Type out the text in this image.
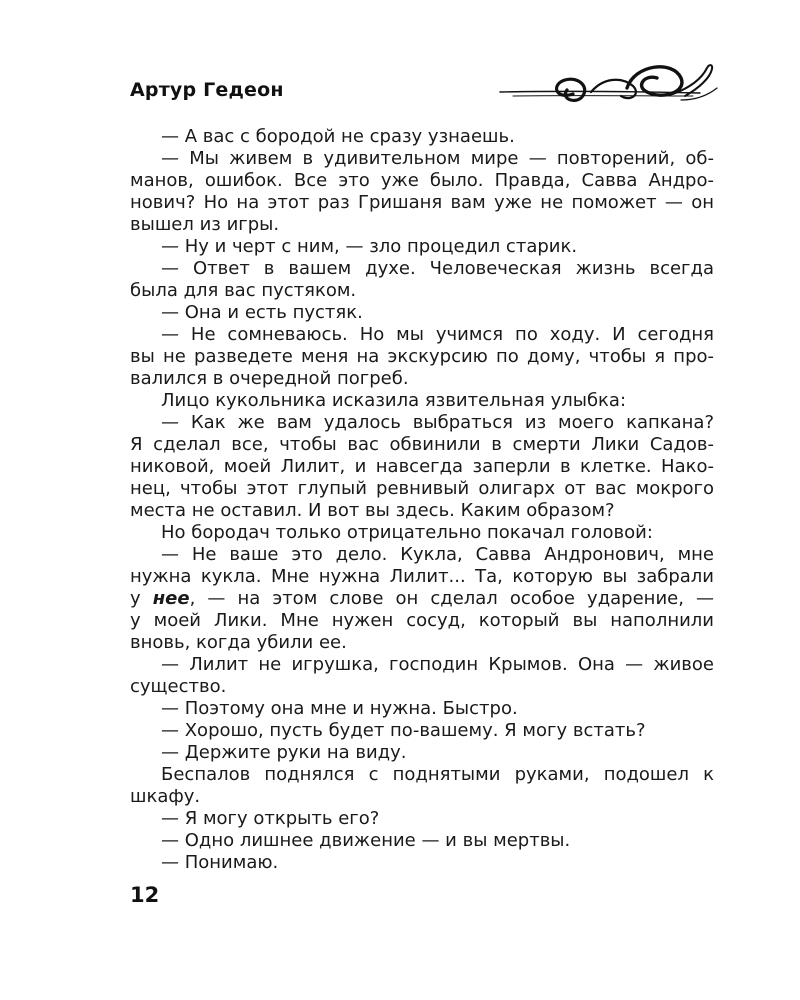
Артур Гедеон

— А вас с бородой не сразу узнаешь.

— Мы живем в удивительном мире — повторений, об-

манов, ошибок. Все это уже было. Правда, Савва Андро-

нович? Но на этот раз Гришаня вам уже не поможет — он

вышел из игры.

— Ну и черт с ним, — зло процедил старик.

— Ответ в вашем духе. Человеческая жизнь всегда

была для вас пустяком.

— Она и есть пустяк.

— Не сомневаюсь. Но мы учимся по ходу. И сегодня

вы не разведете меня на экскурсию по дому, чтобы я про-

валился в очередной погреб.

Лицо кукольника исказила язвительная улыбка:

— Как же вам удалось выбраться из моего капкана?

Я сделал все, чтобы вас обвинили в смерти Лики Садов-

никовой, моей Лилит, и навсегда заперли в клетке. Нако-

нец, чтобы этот глупый ревнивый олигарх от вас мокрого

места не оставил. И вот вы здесь. Каким образом?

Но бородач только отрицательно покачал головой:

— Не ваше это дело. Кукла, Савва Андронович, мне

нужна кукла. Мне нужна Лилит... Та, которую вы забрали

у нее, — на этом слове он сделал особое ударение, —

у моей Лики. Мне нужен сосуд, который вы наполнили

вновь, когда убили ее.

— Лилит не игрушка, господин Крымов. Она — живое

существо.

— Поэтому она мне и нужна. Быстро.

— Хорошо, пусть будет по-вашему. Я могу встать?

— Держите руки на виду.

Беспалов поднялся с поднятыми руками, подошел к

шкафу.

— Я могу открыть его?

— Одно лишнее движение — и вы мертвы.

— Понимаю.

12
